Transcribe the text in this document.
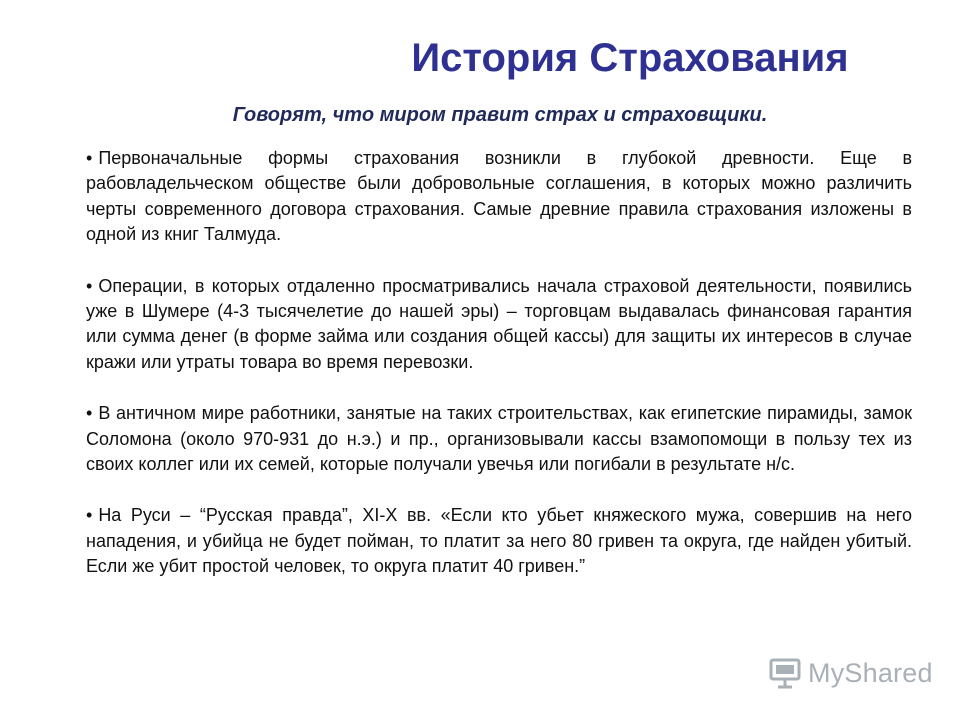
История Страхования
Говорят, что миром правит страх и страховщики.

• Первоначальные формы страхования возникли в глубокой древности. Еще в рабовладельческом обществе были добровольные соглашения, в которых можно различить черты современного договора страхования. Самые древние правила страхования изложены в одной из книг Талмуда.

• Операции, в которых отдаленно просматривались начала страховой деятельности, появились уже в Шумере (4-3 тысячелетие до нашей эры) – торговцам выдавалась финансовая гарантия или сумма денег (в форме займа или создания общей кассы) для защиты их интересов в случае кражи или утраты товара во время перевозки.

• В античном мире работники, занятые на таких строительствах, как египетские пирамиды, замок Соломона (около 970-931 до н.э.) и пр., организовывали кассы взамопомощи в пользу тех из своих коллег или их семей, которые получали увечья или погибали в результате н/с.

• На Руси – “Русская правда”, XI-X вв. «Если кто убьет княжеского мужа, совершив на него нападения, и убийца не будет пойман, то платит за него 80 гривен та округа, где найден убитый. Если же убит простой человек, то округа платит 40 гривен.”

MyShared
